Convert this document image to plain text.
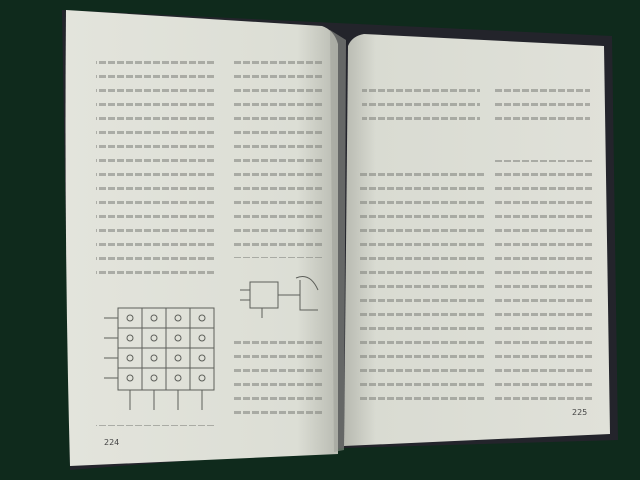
224
225
